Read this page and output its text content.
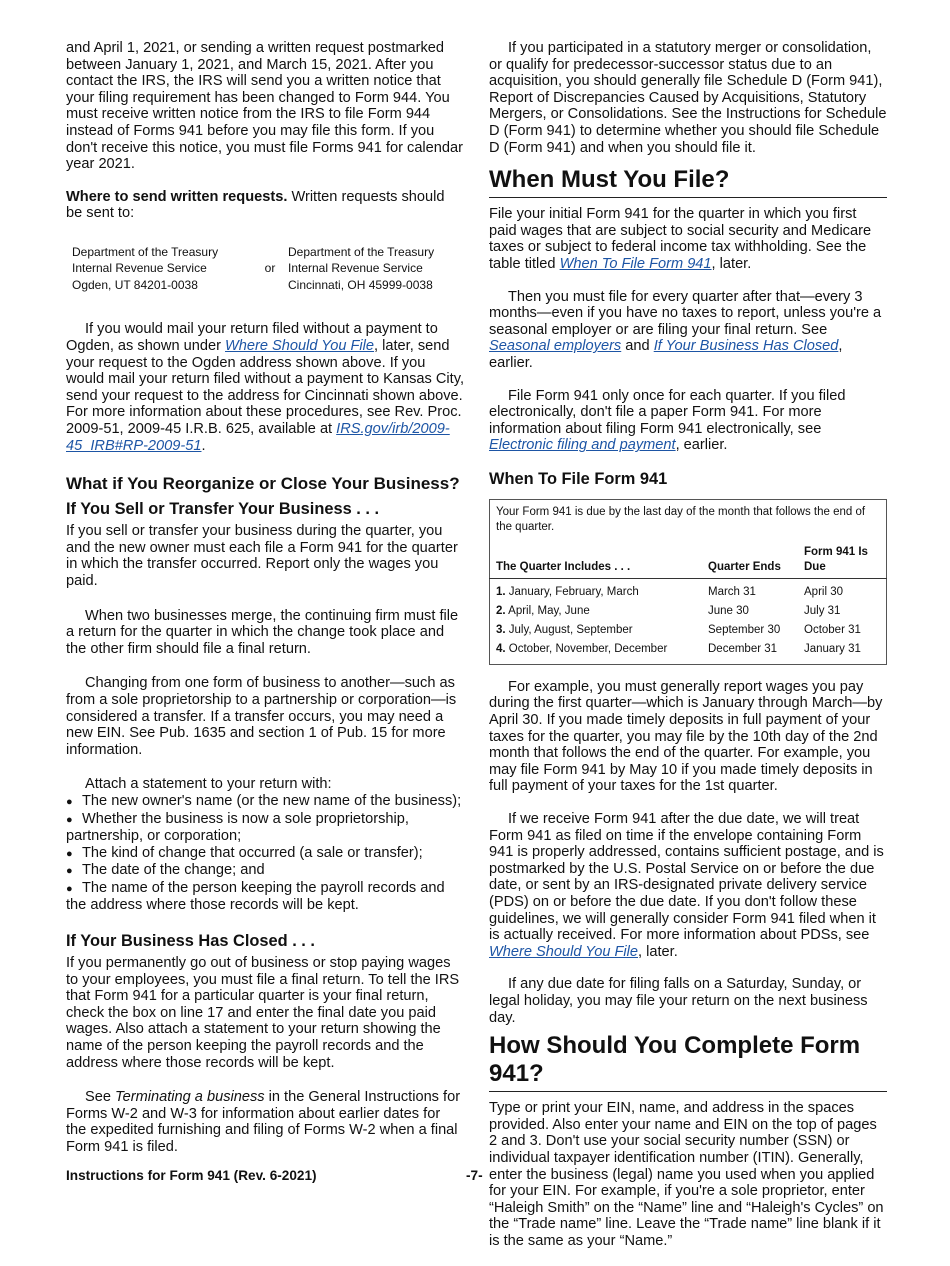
and April 1, 2021, or sending a written request postmarked between January 1, 2021, and March 15, 2021. After you contact the IRS, the IRS will send you a written notice that your filing requirement has been changed to Form 944. You must receive written notice from the IRS to file Form 944 instead of Forms 941 before you may file this form. If you don't receive this notice, you must file Forms 941 for calendar year 2021.

Where to send written requests. Written requests should be sent to:

Department of the Treasury
Internal Revenue Service
Ogden, UT 84201-0038
or
Department of the Treasury
Internal Revenue Service
Cincinnati, OH 45999-0038

If you would mail your return filed without a payment to Ogden, as shown under Where Should You File, later, send your request to the Ogden address shown above. If you would mail your return filed without a payment to Kansas City, send your request to the address for Cincinnati shown above. For more information about these procedures, see Rev. Proc. 2009-51, 2009-45 I.R.B. 625, available at IRS.gov/irb/2009-45_IRB#RP-2009-51.

What if You Reorganize or Close Your Business?
If You Sell or Transfer Your Business . . .

If you sell or transfer your business during the quarter, you and the new owner must each file a Form 941 for the quarter in which the transfer occurred. Report only the wages you paid.

When two businesses merge, the continuing firm must file a return for the quarter in which the change took place and the other firm should file a final return.

Changing from one form of business to another—such as from a sole proprietorship to a partnership or corporation—is considered a transfer. If a transfer occurs, you may need a new EIN. See Pub. 1635 and section 1 of Pub. 15 for more information.

Attach a statement to your return with:

● The new owner's name (or the new name of the business);
● Whether the business is now a sole proprietorship, partnership, or corporation;
● The kind of change that occurred (a sale or transfer);
● The date of the change; and
● The name of the person keeping the payroll records and the address where those records will be kept.
If Your Business Has Closed . . .

If you permanently go out of business or stop paying wages to your employees, you must file a final return. To tell the IRS that Form 941 for a particular quarter is your final return, check the box on line 17 and enter the final date you paid wages. Also attach a statement to your return showing the name of the person keeping the payroll records and the address where those records will be kept.

See Terminating a business in the General Instructions for Forms W-2 and W-3 for information about earlier dates for the expedited furnishing and filing of Forms W-2 when a final Form 941 is filed.

If you participated in a statutory merger or consolidation, or qualify for predecessor-successor status due to an acquisition, you should generally file Schedule D (Form 941), Report of Discrepancies Caused by Acquisitions, Statutory Mergers, or Consolidations. See the Instructions for Schedule D (Form 941) to determine whether you should file Schedule D (Form 941) and when you should file it.

When Must You File?

File your initial Form 941 for the quarter in which you first paid wages that are subject to social security and Medicare taxes or subject to federal income tax withholding. See the table titled When To File Form 941, later.

Then you must file for every quarter after that—every 3 months—even if you have no taxes to report, unless you're a seasonal employer or are filing your final return. See Seasonal employers and If Your Business Has Closed, earlier.

File Form 941 only once for each quarter. If you filed electronically, don't file a paper Form 941. For more information about filing Form 941 electronically, see Electronic filing and payment, earlier.

When To File Form 941
Your Form 941 is due by the last day of the month that follows the end of the quarter.		
The Quarter Includes . . .	Quarter Ends	Form 941 Is Due
1. January, February, March	March 31	April 30
2. April, May, June	June 30	July 31
3. July, August, September	September 30	October 31
4. October, November, December	December 31	January 31

For example, you must generally report wages you pay during the first quarter—which is January through March—by April 30. If you made timely deposits in full payment of your taxes for the quarter, you may file by the 10th day of the 2nd month that follows the end of the quarter. For example, you may file Form 941 by May 10 if you made timely deposits in full payment of your taxes for the 1st quarter.

If we receive Form 941 after the due date, we will treat Form 941 as filed on time if the envelope containing Form 941 is properly addressed, contains sufficient postage, and is postmarked by the U.S. Postal Service on or before the due date, or sent by an IRS-designated private delivery service (PDS) on or before the due date. If you don't follow these guidelines, we will generally consider Form 941 filed when it is actually received. For more information about PDSs, see Where Should You File, later.

If any due date for filing falls on a Saturday, Sunday, or legal holiday, you may file your return on the next business day.

How Should You Complete Form 941?

Type or print your EIN, name, and address in the spaces provided. Also enter your name and EIN on the top of pages 2 and 3. Don't use your social security number (SSN) or individual taxpayer identification number (ITIN). Generally, enter the business (legal) name you used when you applied for your EIN. For example, if you're a sole proprietor, enter “Haleigh Smith” on the “Name” line and “Haleigh's Cycles” on the “Trade name” line. Leave the “Trade name” line blank if it is the same as your “Name.”

Instructions for Form 941 (Rev. 6-2021)	-7-
